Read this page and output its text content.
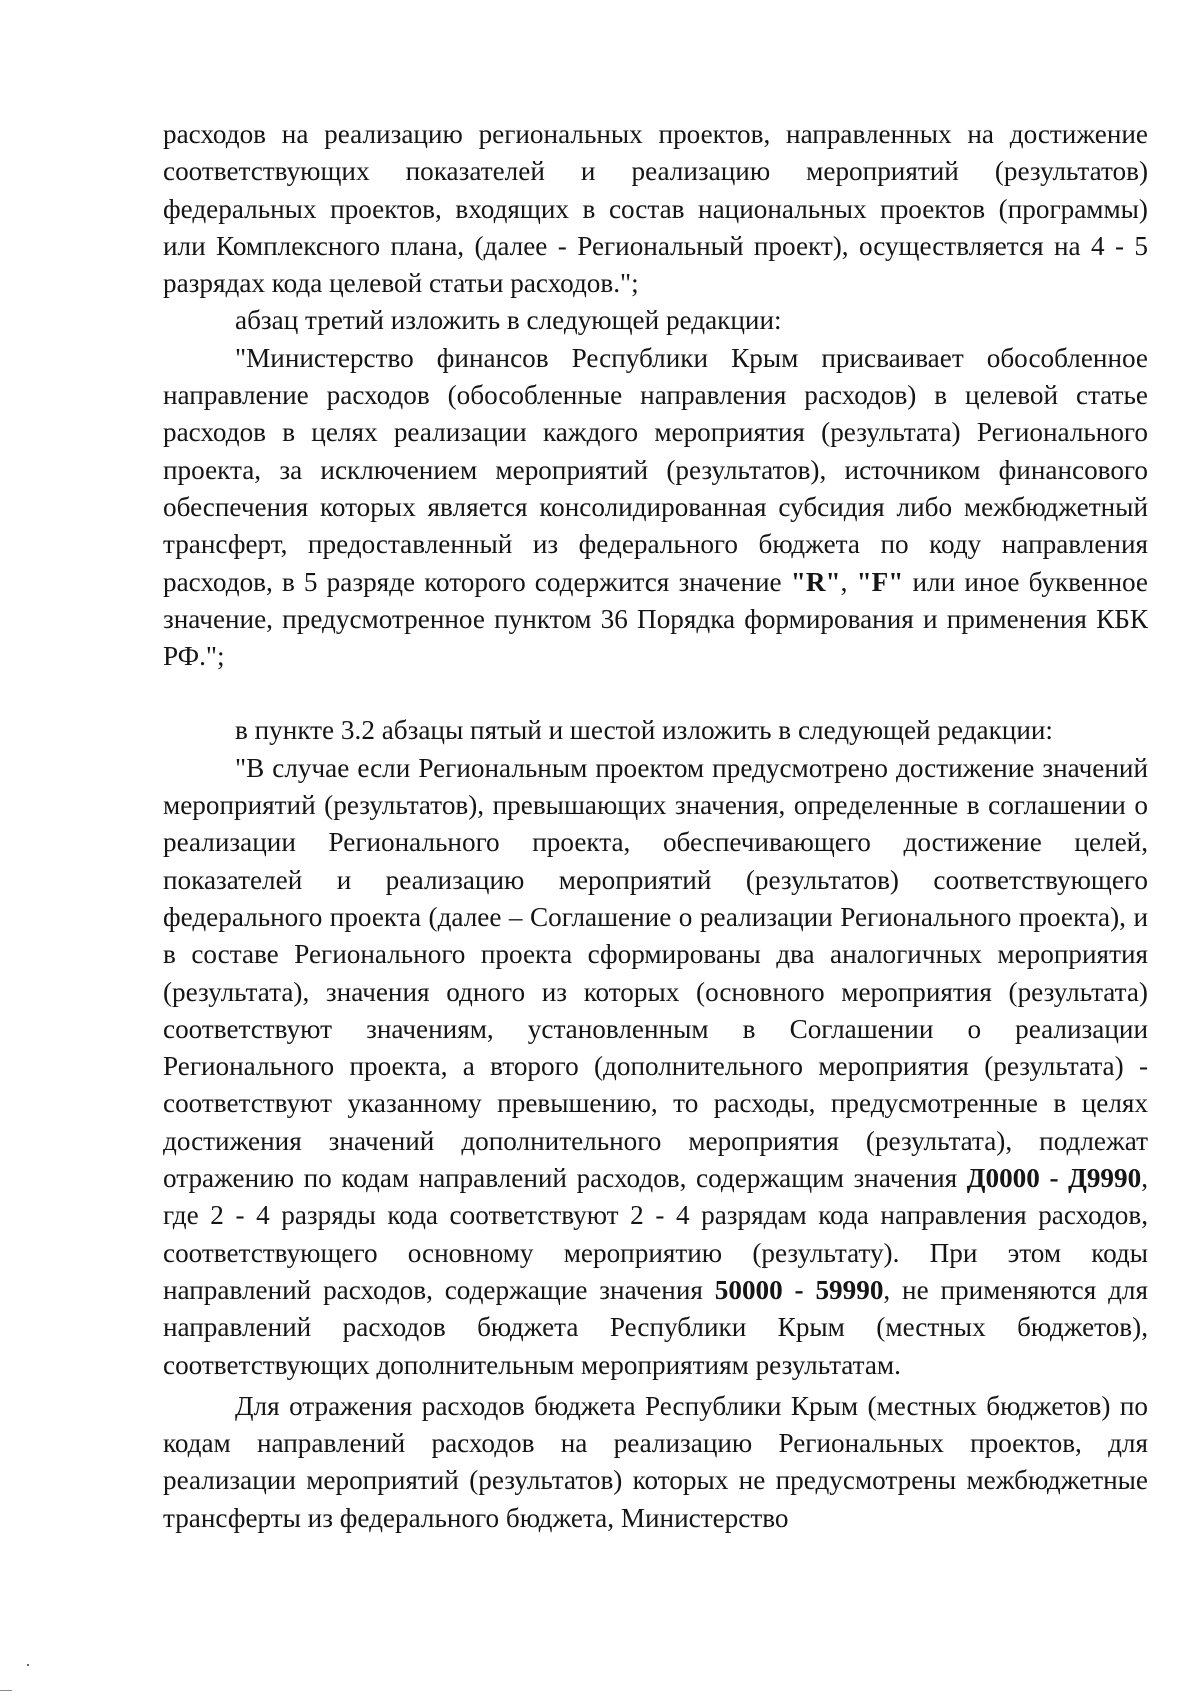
расходов на реализацию региональных проектов, направленных на достижение соответствующих показателей и реализацию мероприятий (результатов) федеральных проектов, входящих в состав национальных проектов (программы) или Комплексного плана, (далее - Региональный проект), осуществляется на 4 - 5 разрядах кода целевой статьи расходов.";

абзац третий изложить в следующей редакции:

"Министерство финансов Республики Крым присваивает обособленное направление расходов (обособленные направления расходов) в целевой статье расходов в целях реализации каждого мероприятия (результата) Регионального проекта, за исключением мероприятий (результатов), источником финансового обеспечения которых является консолидированная субсидия либо межбюджетный трансферт, предоставленный из федерального бюджета по коду направления расходов, в 5 разряде которого содержится значение "R", "F" или иное буквенное значение, предусмотренное пунктом 36 Порядка формирования и применения КБК РФ.";

в пункте 3.2 абзацы пятый и шестой изложить в следующей редакции:

"В случае если Региональным проектом предусмотрено достижение значений мероприятий (результатов), превышающих значения, определенные в соглашении о реализации Регионального проекта, обеспечивающего достижение целей, показателей и реализацию мероприятий (результатов) соответствующего федерального проекта (далее – Соглашение о реализации Регионального проекта), и в составе Регионального проекта сформированы два аналогичных мероприятия (результата), значения одного из которых (основного мероприятия (результата) соответствуют значениям, установленным в Соглашении о реализации Регионального проекта, а второго (дополнительного мероприятия (результата) - соответствуют указанному превышению, то расходы, предусмотренные в целях достижения значений дополнительного мероприятия (результата), подлежат отражению по кодам направлений расходов, содержащим значения Д0000 - Д9990, где 2 - 4 разряды кода соответствуют 2 - 4 разрядам кода направления расходов, соответствующего основному мероприятию (результату). При этом коды направлений расходов, содержащие значения 50000 - 59990, не применяются для направлений расходов бюджета Республики Крым (местных бюджетов), соответствующих дополнительным мероприятиям результатам.

Для отражения расходов бюджета Республики Крым (местных бюджетов) по кодам направлений расходов на реализацию Региональных проектов, для реализации мероприятий (результатов) которых не предусмотрены межбюджетные трансферты из федерального бюджета, Министерство
